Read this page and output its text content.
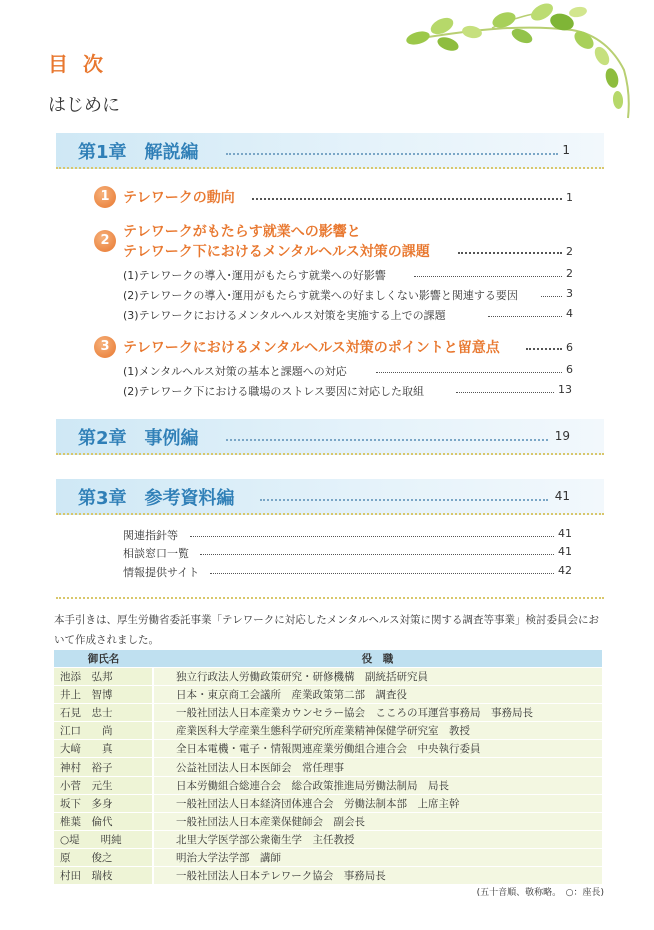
目 次
はじめに
第1章　解説編	1
1 テレワークの動向	1
2
テレワークがもたらす就業への影響と
テレワーク下におけるメンタルヘルス対策の課題	2
(1)テレワークの導入･運用がもたらす就業への好影響	2
(2)テレワークの導入･運用がもたらす就業への好ましくない影響と関連する要因	3
(3)テレワークにおけるメンタルヘルス対策を実施する上での課題	4
3 テレワークにおけるメンタルヘルス対策のポイントと留意点	6
(1)メンタルヘルス対策の基本と課題への対応	6
(2)テレワーク下における職場のストレス要因に対応した取組	13
第2章　事例編	19
第3章　参考資料編	41
関連指針等	41
相談窓口一覧	41
情報提供サイト	42
本手引きは、厚生労働省委託事業「テレワークに対応したメンタルヘルス対策に関する調査等事業」検討委員会において作成されました。
御氏名	役　職
池添　弘邦	独立行政法人労働政策研究・研修機構　副統括研究員
井上　智博	日本・東京商工会議所　産業政策第二部　調査役
石見　忠士	一般社団法人日本産業カウンセラー協会　こころの耳運営事務局　事務局長
江口　　尚	産業医科大学産業生態科学研究所産業精神保健学研究室　教授
大﨑　　真	全日本電機・電子・情報関連産業労働組合連合会　中央執行委員
神村　裕子	公益社団法人日本医師会　常任理事
小菅　元生	日本労働組合総連合会　総合政策推進局労働法制局　局長
坂下　多身	一般社団法人日本経済団体連合会　労働法制本部　上席主幹
椎葉　倫代	一般社団法人日本産業保健師会　副会長
○堤　　明純	北里大学医学部公衆衛生学　主任教授
原　　俊之	明治大学法学部　講師
村田　瑞枝	一般社団法人日本テレワーク協会　事務局長
(五十音順、敬称略。　○：座長)
